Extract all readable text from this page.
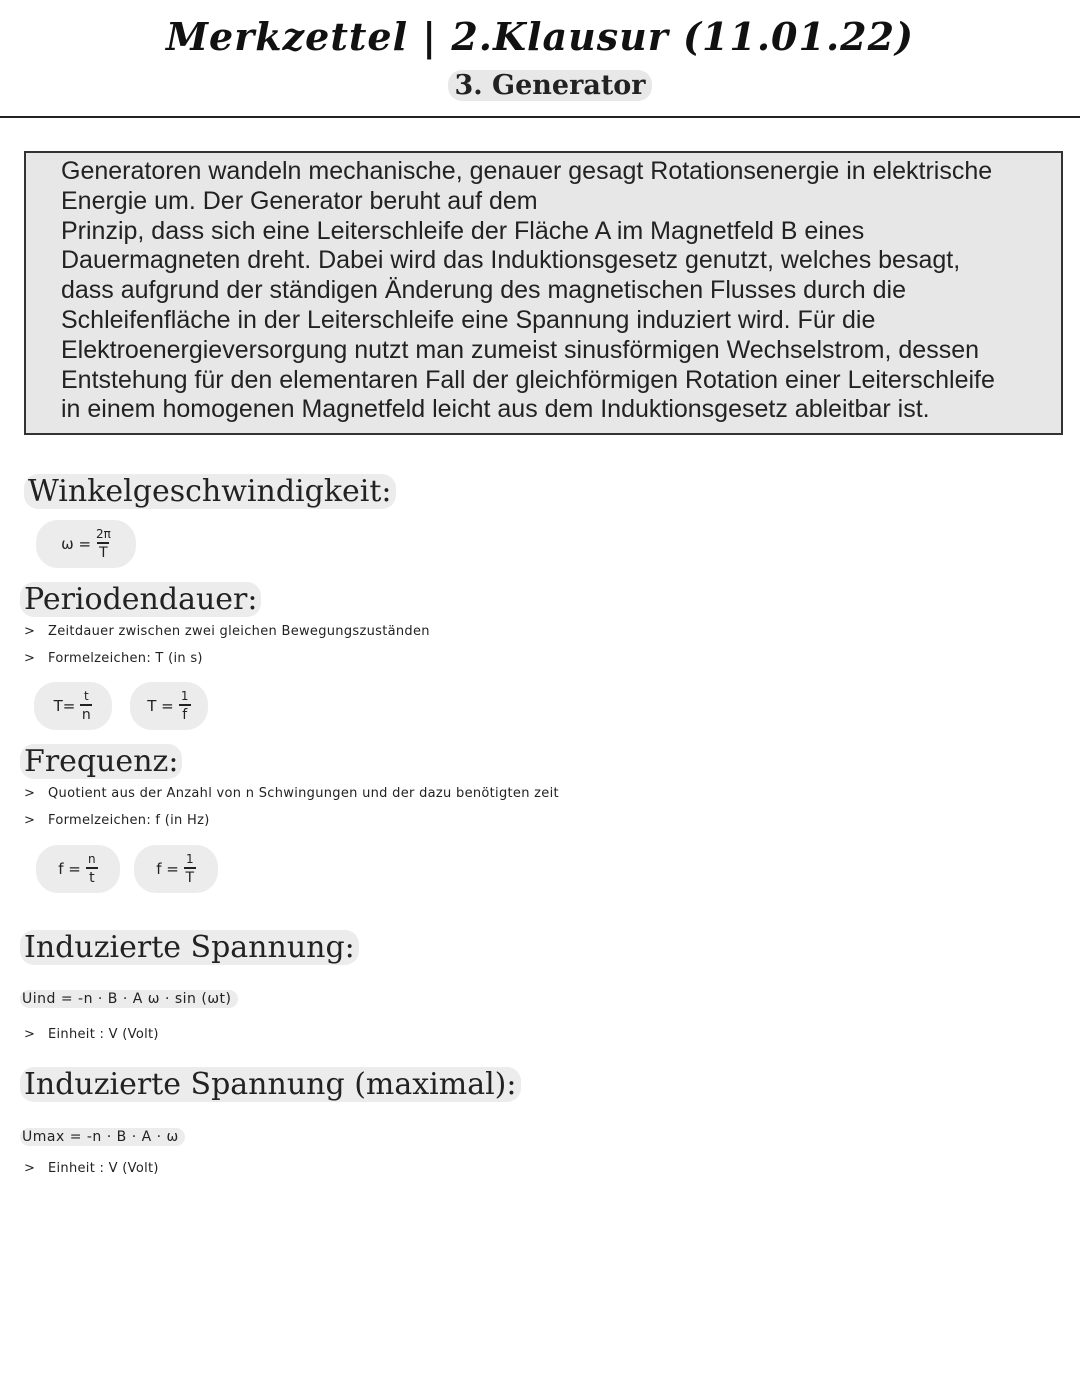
Merkzettel | 2.Klausur (11.01.22)
3. Generator
Generatoren wandeln mechanische, genauer gesagt Rotationsenergie in elektrische
Energie um. Der Generator beruht auf dem
Prinzip, dass sich eine Leiterschleife der Fläche A im Magnetfeld B eines
Dauermagneten dreht. Dabei wird das Induktionsgesetz genutzt, welches besagt,
dass aufgrund der ständigen Änderung des magnetischen Flusses durch die
Schleifenfläche in der Leiterschleife eine Spannung induziert wird. Für die
Elektroenergieversorgung nutzt man zumeist sinusförmigen Wechselstrom, dessen
Entstehung für den elementaren Fall der gleichförmigen Rotation einer Leiterschleife
in einem homogenen Magnetfeld leicht aus dem Induktionsgesetz ableitbar ist.
Winkelgeschwindigkeit:
$\omega = \frac{2\pi}{T}$
Periodendauer:
> Zeitdauer zwischen zwei gleichen Bewegungszuständen
> Formelzeichen: T (in s)
$T= \frac{t}{n}$	$T = \frac{1}{f}$
Frequenz:
> Quotient aus der Anzahl von n Schwingungen und der dazu benötigten zeit
> Formelzeichen: f (in Hz)
$f = \frac{n}{t}$	$f = \frac{1}{T}$
Induzierte Spannung:
Uind = -n · B · A ω · sin (ωt)
> Einheit : V (Volt)
Induzierte Spannung (maximal):
Umax = -n · B · A · ω
> Einheit : V (Volt)
